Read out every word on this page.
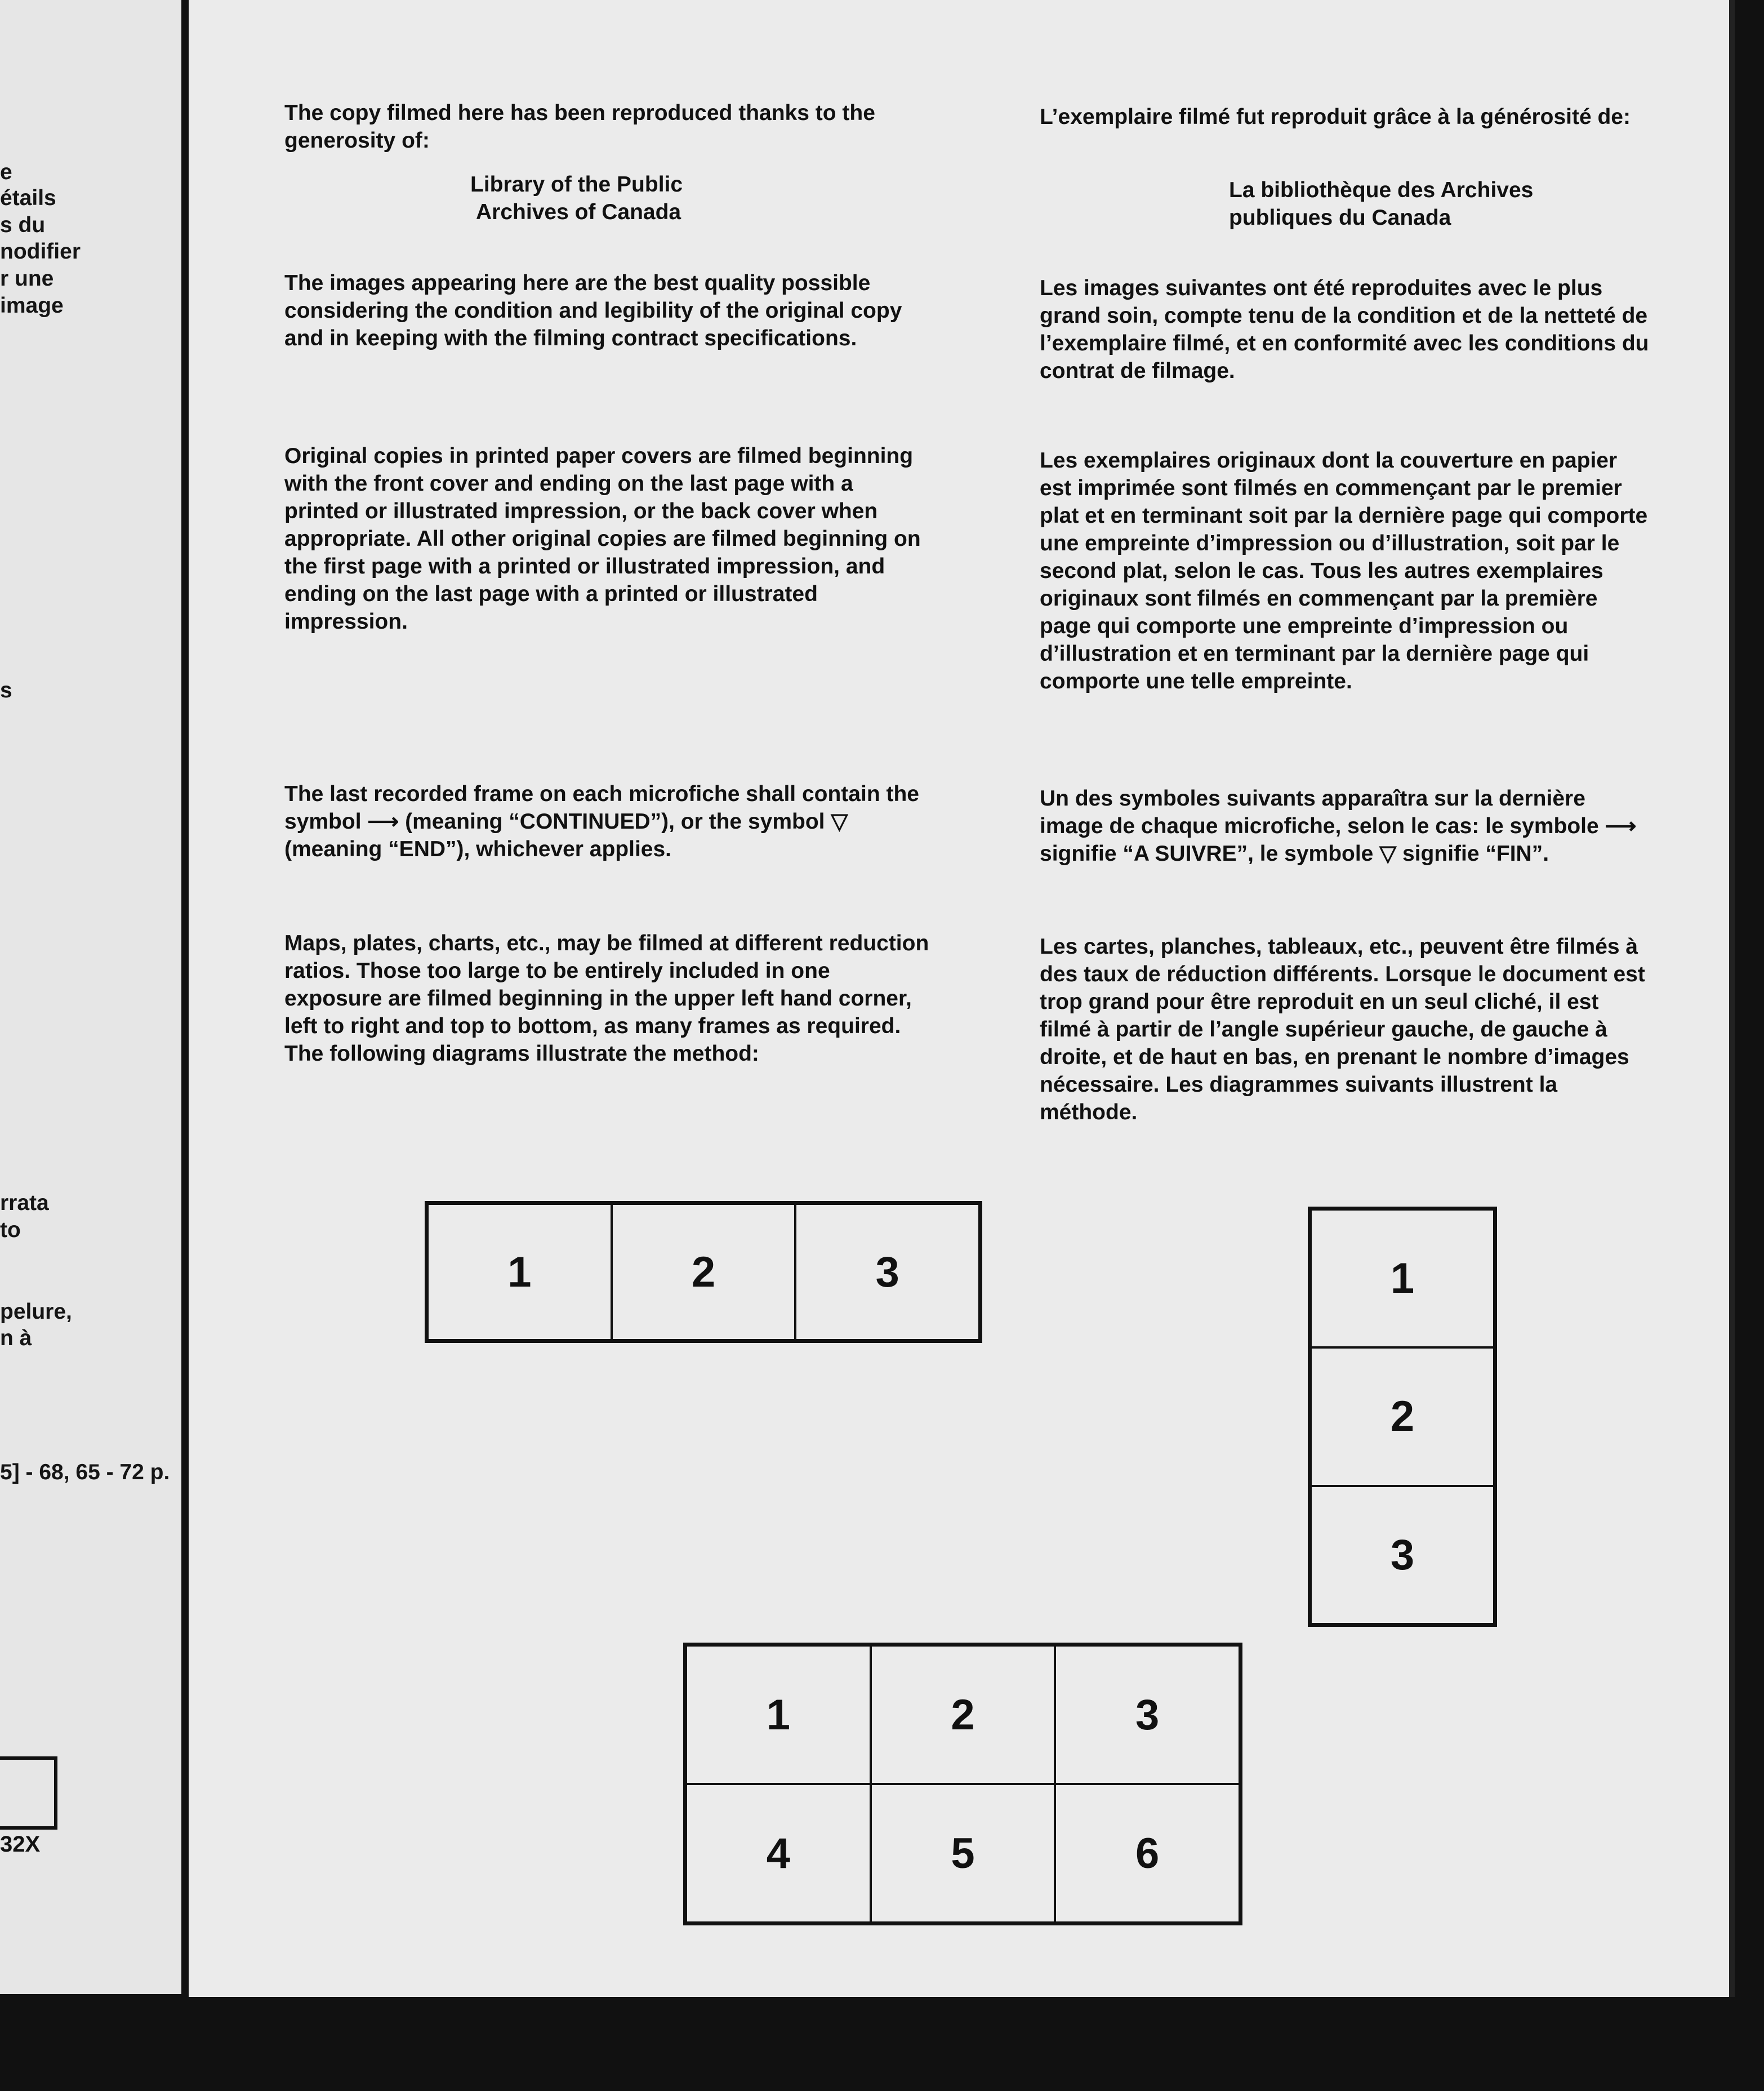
e
étails
s du
nodifier
r une
image
s
rrata
to
pelure,
n à
5] - 68, 65 - 72 p.
32X
The copy filmed here has been reproduced thanks to the generosity of:
Library of the Public
Archives of Canada
The images appearing here are the best quality possible considering the condition and legibility of the original copy and in keeping with the filming contract specifications.
Original copies in printed paper covers are filmed beginning with the front cover and ending on the last page with a printed or illustrated impression, or the back cover when appropriate. All other original copies are filmed beginning on the first page with a printed or illustrated impression, and ending on the last page with a printed or illustrated impression.
The last recorded frame on each microfiche shall contain the symbol ⟶ (meaning “CONTINUED”), or the symbol ▽ (meaning “END”), whichever applies.
Maps, plates, charts, etc., may be filmed at different reduction ratios. Those too large to be entirely included in one exposure are filmed beginning in the upper left hand corner, left to right and top to bottom, as many frames as required. The following diagrams illustrate the method:
L’exemplaire filmé fut reproduit grâce à la générosité de:
La bibliothèque des Archives
publiques du Canada
Les images suivantes ont été reproduites avec le plus grand soin, compte tenu de la condition et de la netteté de l’exemplaire filmé, et en conformité avec les conditions du contrat de filmage.
Les exemplaires originaux dont la couverture en papier est imprimée sont filmés en commençant par le premier plat et en terminant soit par la dernière page qui comporte une empreinte d’impression ou d’illustration, soit par le second plat, selon le cas. Tous les autres exemplaires originaux sont filmés en commençant par la première page qui comporte une empreinte d’impression ou d’illustration et en terminant par la dernière page qui comporte une telle empreinte.
Un des symboles suivants apparaîtra sur la dernière image de chaque microfiche, selon le cas: le symbole ⟶ signifie “A SUIVRE”, le symbole ▽ signifie “FIN”.
Les cartes, planches, tableaux, etc., peuvent être filmés à des taux de réduction différents. Lorsque le document est trop grand pour être reproduit en un seul cliché, il est filmé à partir de l’angle supérieur gauche, de gauche à droite, et de haut en bas, en prenant le nombre d’images nécessaire. Les diagrammes suivants illustrent la méthode.
1	2	3	1
2
3
1	2	3
4	5	6
